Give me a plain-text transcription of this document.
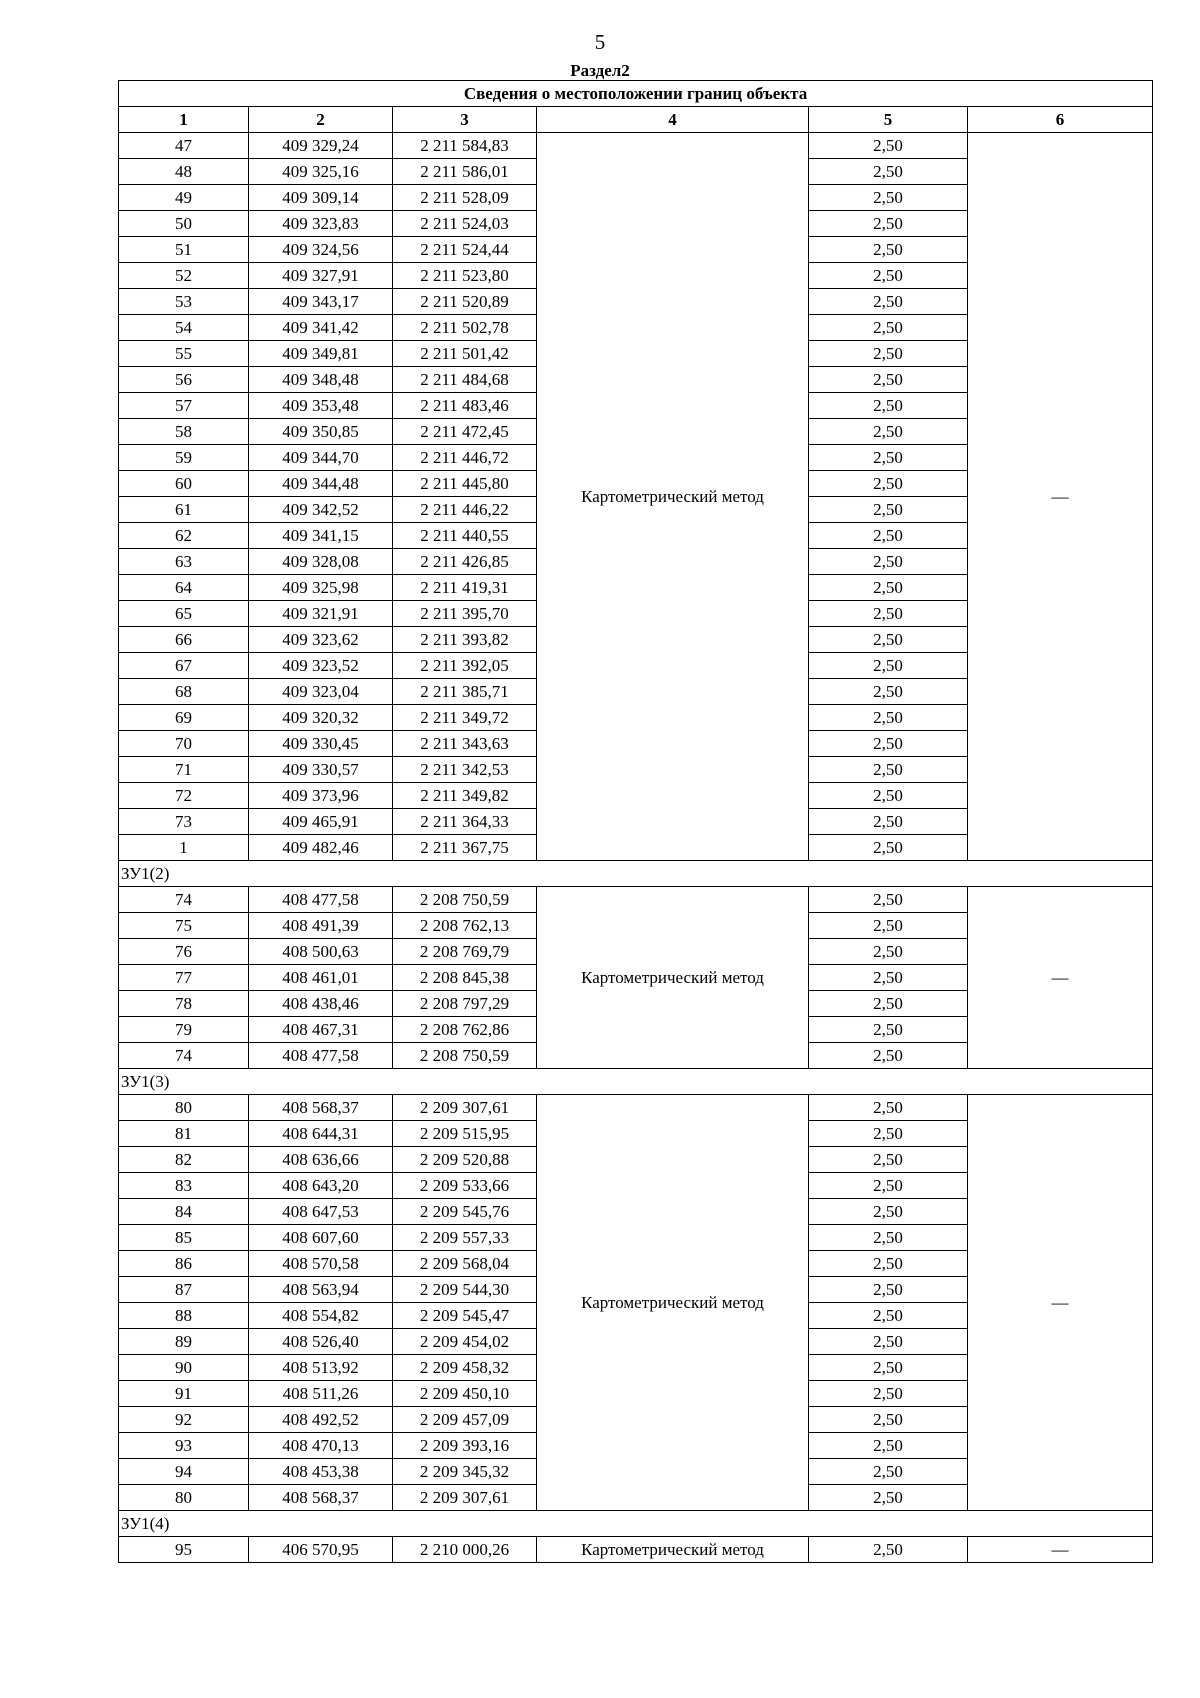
5
Раздел2
Сведения о местоположении границ объекта					
1	2	3	4	5	6
47	409 329,24	2 211 584,83	Картометрический метод	2,50	—
48	409 325,16	2 211 586,01		2,50	
49	409 309,14	2 211 528,09		2,50	
50	409 323,83	2 211 524,03		2,50	
51	409 324,56	2 211 524,44		2,50	
52	409 327,91	2 211 523,80		2,50	
53	409 343,17	2 211 520,89		2,50	
54	409 341,42	2 211 502,78		2,50	
55	409 349,81	2 211 501,42		2,50	
56	409 348,48	2 211 484,68		2,50	
57	409 353,48	2 211 483,46		2,50	
58	409 350,85	2 211 472,45		2,50	
59	409 344,70	2 211 446,72		2,50	
60	409 344,48	2 211 445,80		2,50	
61	409 342,52	2 211 446,22		2,50	
62	409 341,15	2 211 440,55		2,50	
63	409 328,08	2 211 426,85		2,50	
64	409 325,98	2 211 419,31		2,50	
65	409 321,91	2 211 395,70		2,50	
66	409 323,62	2 211 393,82		2,50	
67	409 323,52	2 211 392,05		2,50	
68	409 323,04	2 211 385,71		2,50	
69	409 320,32	2 211 349,72		2,50	
70	409 330,45	2 211 343,63		2,50	
71	409 330,57	2 211 342,53		2,50	
72	409 373,96	2 211 349,82		2,50	
73	409 465,91	2 211 364,33		2,50	
1	409 482,46	2 211 367,75		2,50	
ЗУ1(2)					
74	408 477,58	2 208 750,59	Картометрический метод	2,50	—
75	408 491,39	2 208 762,13		2,50	
76	408 500,63	2 208 769,79		2,50	
77	408 461,01	2 208 845,38		2,50	
78	408 438,46	2 208 797,29		2,50	
79	408 467,31	2 208 762,86		2,50	
74	408 477,58	2 208 750,59		2,50	
ЗУ1(3)					
80	408 568,37	2 209 307,61	Картометрический метод	2,50	—
81	408 644,31	2 209 515,95		2,50	
82	408 636,66	2 209 520,88		2,50	
83	408 643,20	2 209 533,66		2,50	
84	408 647,53	2 209 545,76		2,50	
85	408 607,60	2 209 557,33		2,50	
86	408 570,58	2 209 568,04		2,50	
87	408 563,94	2 209 544,30		2,50	
88	408 554,82	2 209 545,47		2,50	
89	408 526,40	2 209 454,02		2,50	
90	408 513,92	2 209 458,32		2,50	
91	408 511,26	2 209 450,10		2,50	
92	408 492,52	2 209 457,09		2,50	
93	408 470,13	2 209 393,16		2,50	
94	408 453,38	2 209 345,32		2,50	
80	408 568,37	2 209 307,61		2,50	
ЗУ1(4)					
95	406 570,95	2 210 000,26	Картометрический метод	2,50	—
